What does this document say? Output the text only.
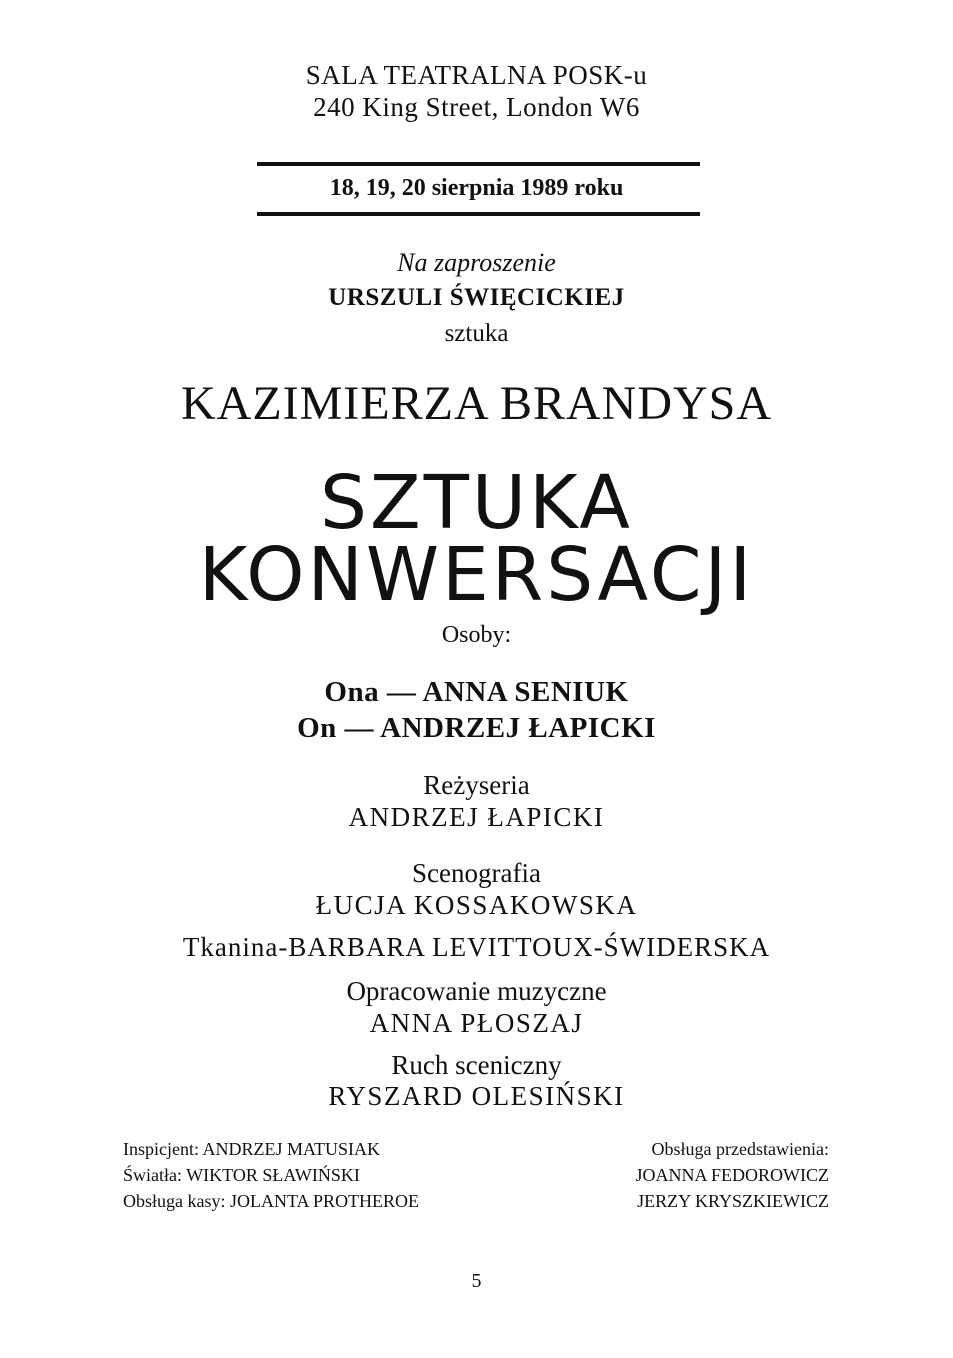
SALA TEATRALNA POSK-u
240 King Street, London W6
18, 19, 20 sierpnia 1989 roku
Na zaproszenie
URSZULI ŚWIĘCICKIEJ
sztuka
KAZIMIERZA BRANDYSA
SZTUKA
KONWERSACJI
Osoby:
Ona — ANNA SENIUK
On — ANDRZEJ ŁAPICKI
Reżyseria
ANDRZEJ ŁAPICKI
Scenografia
ŁUCJA KOSSAKOWSKA
Tkanina-BARBARA LEVITTOUX-ŚWIDERSKA
Opracowanie muzyczne
ANNA PŁOSZAJ
Ruch sceniczny
RYSZARD OLESIŃSKI
Inspicjent: ANDRZEJ MATUSIAK
Światła: WIKTOR SŁAWIŃSKI
Obsługa kasy: JOLANTA PROTHEROE
Obsługa przedstawienia:
JOANNA FEDOROWICZ
JERZY KRYSZKIEWICZ
5
